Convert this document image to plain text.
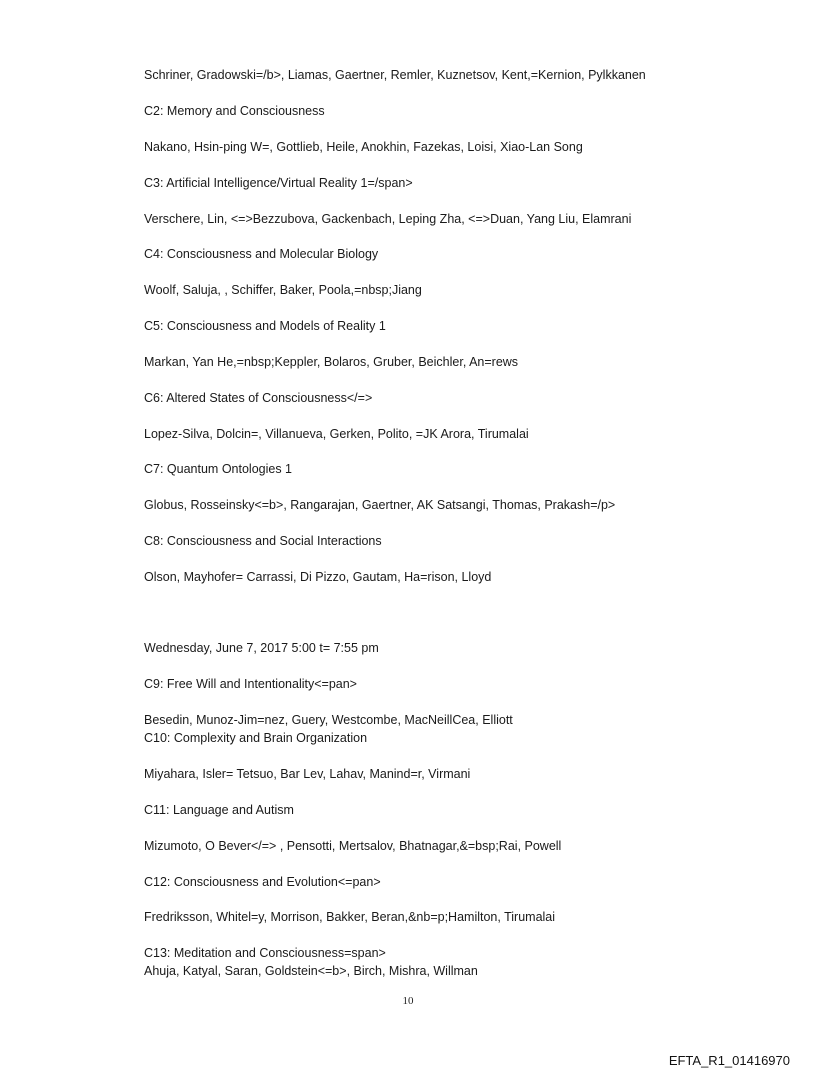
Schriner, Gradowski=/b>, Liamas, Gaertner, Remler, Kuznetsov, Kent,=Kernion, Pylkkanen
C2: Memory and Consciousness
Nakano, Hsin-ping W=, Gottlieb, Heile, Anokhin, Fazekas, Loisi, Xiao-Lan Song
C3: Artificial Intelligence/Virtual Reality 1=/span>
Verschere, Lin, <=>Bezzubova, Gackenbach, Leping Zha, <=>Duan, Yang Liu, Elamrani
C4: Consciousness and Molecular Biology
Woolf, Saluja, , Schiffer, Baker, Poola,=nbsp;Jiang
C5: Consciousness and Models of Reality 1
Markan, Yan He,=nbsp;Keppler, Bolaros, Gruber, Beichler, An=rews
C6: Altered States of Consciousness</=>
Lopez-Silva, Dolcin=, Villanueva, Gerken, Polito, =JK Arora, Tirumalai
C7: Quantum Ontologies 1
Globus, Rosseinsky<=b>, Rangarajan, Gaertner, AK Satsangi, Thomas, Prakash=/p>
C8: Consciousness and Social Interactions
Olson, Mayhofer= Carrassi, Di Pizzo, Gautam, Ha=rison, Lloyd
Wednesday, June 7, 2017 5:00 t= 7:55 pm
C9: Free Will and Intentionality<=pan>
Besedin, Munoz-Jim=nez, Guery, Westcombe, MacNeillCea, Elliott
C10: Complexity and Brain Organization
Miyahara, Isler= Tetsuo, Bar Lev, Lahav, Manind=r, Virmani
C11: Language and Autism
Mizumoto, O Bever</=> , Pensotti, Mertsalov, Bhatnagar,&=bsp;Rai, Powell
C12: Consciousness and Evolution<=pan>
Fredriksson, Whitel=y, Morrison, Bakker, Beran,&nb=p;Hamilton, Tirumalai
C13: Meditation and Consciousness=span>
Ahuja, Katyal, Saran, Goldstein<=b>, Birch, Mishra, Willman
10
EFTA_R1_01416970
